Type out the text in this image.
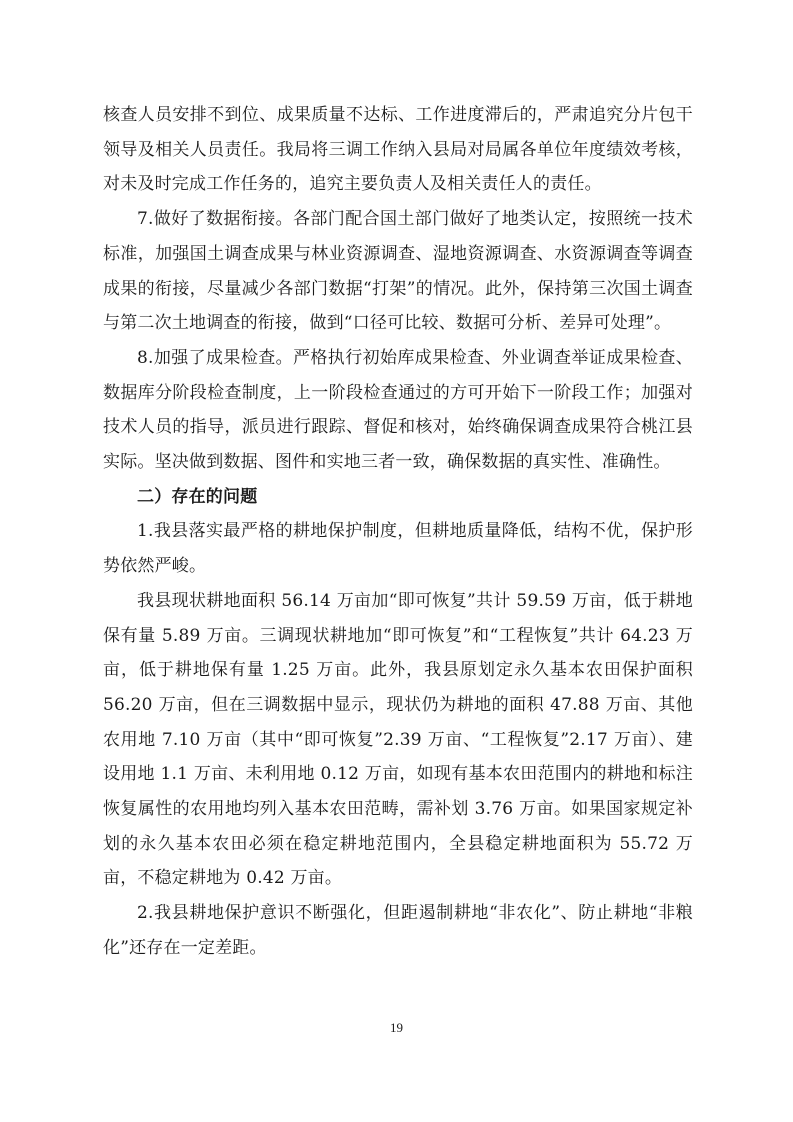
核查人员安排不到位、成果质量不达标、工作进度滞后的，严肃追究分片包干领导及相关人员责任。我局将三调工作纳入县局对局属各单位年度绩效考核，对未及时完成工作任务的，追究主要负责人及相关责任人的责任。

7.做好了数据衔接。各部门配合国土部门做好了地类认定，按照统一技术标准，加强国土调查成果与林业资源调查、湿地资源调查、水资源调查等调查成果的衔接，尽量减少各部门数据“打架”的情况。此外，保持第三次国土调查与第二次土地调查的衔接，做到“口径可比较、数据可分析、差异可处理”。

8.加强了成果检查。严格执行初始库成果检查、外业调查举证成果检查、数据库分阶段检查制度，上一阶段检查通过的方可开始下一阶段工作；加强对技术人员的指导，派员进行跟踪、督促和核对，始终确保调查成果符合桃江县实际。坚决做到数据、图件和实地三者一致，确保数据的真实性、准确性。

二）存在的问题

1.我县落实最严格的耕地保护制度，但耕地质量降低，结构不优，保护形势依然严峻。

我县现状耕地面积 56.14 万亩加“即可恢复”共计 59.59 万亩，低于耕地保有量 5.89 万亩。三调现状耕地加“即可恢复”和“工程恢复”共计 64.23 万亩，低于耕地保有量 1.25 万亩。此外，我县原划定永久基本农田保护面积 56.20 万亩，但在三调数据中显示，现状仍为耕地的面积 47.88 万亩、其他农用地 7.10 万亩（其中“即可恢复”2.39 万亩、“工程恢复”2.17 万亩）、建设用地 1.1 万亩、未利用地 0.12 万亩，如现有基本农田范围内的耕地和标注恢复属性的农用地均列入基本农田范畴，需补划 3.76 万亩。如果国家规定补划的永久基本农田必须在稳定耕地范围内，全县稳定耕地面积为 55.72 万亩，不稳定耕地为 0.42 万亩。

2.我县耕地保护意识不断强化，但距遏制耕地“非农化”、防止耕地“非粮化”还存在一定差距。

19
